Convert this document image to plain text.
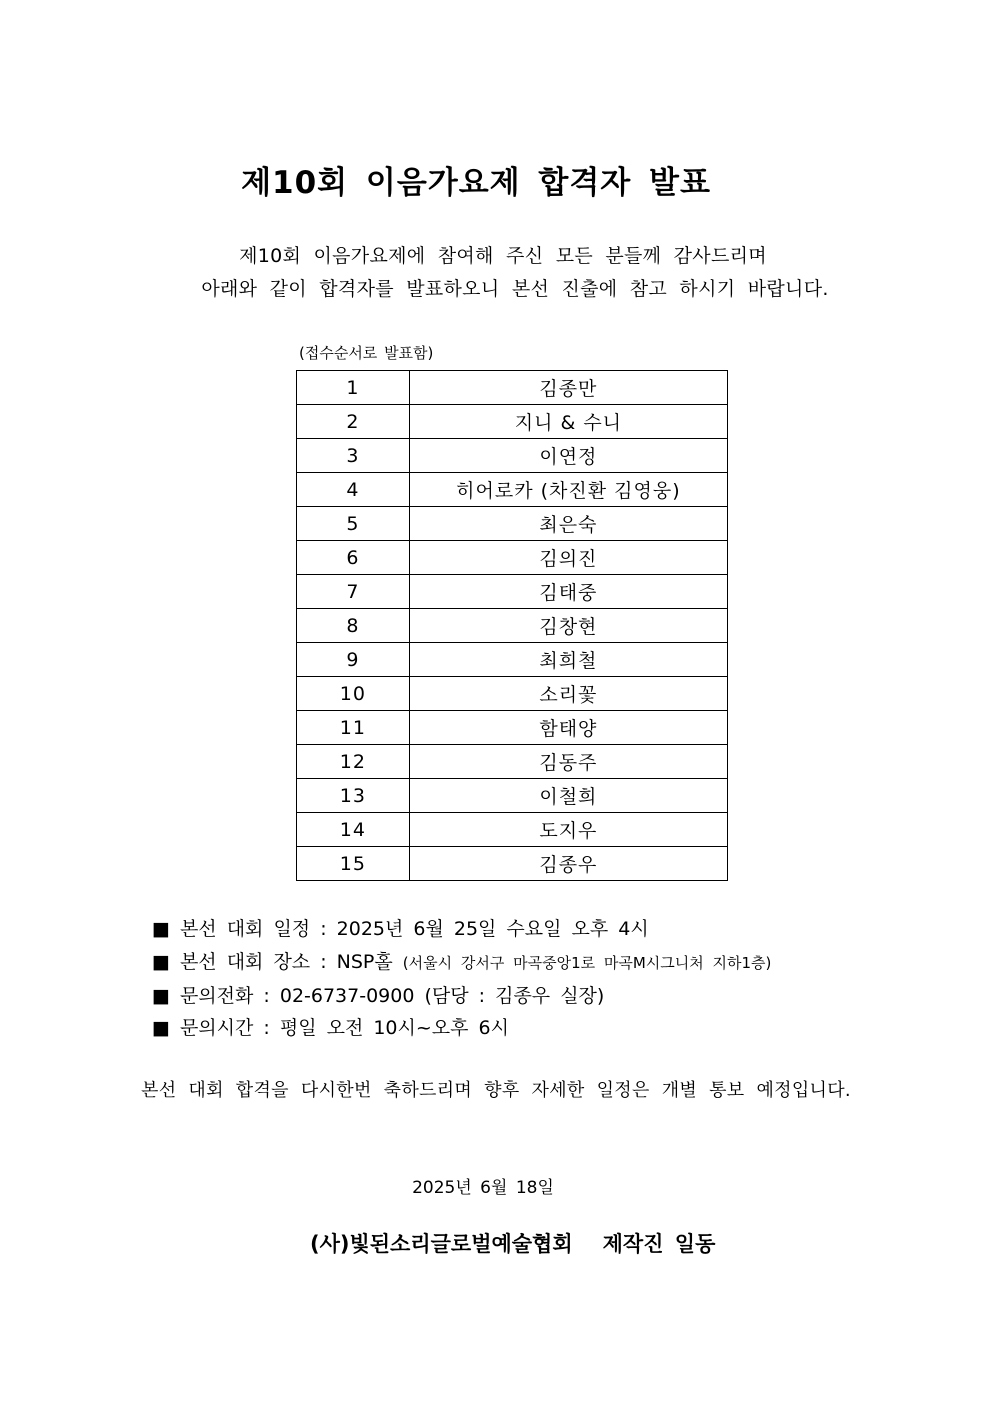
제10회 이음가요제 합격자 발표
제10회 이음가요제에 참여해 주신 모든 분들께 감사드리며
아래와 같이 합격자를 발표하오니 본선 진출에 참고 하시기 바랍니다.
(접수순서로 발표함)
1	김종만
2	지니 & 수니
3	이연정
4	히어로카 (차진환 김영웅)
5	최은숙
6	김의진
7	김태중
8	김창현
9	최희철
10	소리꽃
11	함태양
12	김동주
13	이철희
14	도지우
15	김종우
■ 본선 대회 일정 : 2025년 6월 25일 수요일 오후 4시
■ 본선 대회 장소 : NSP홀 (서울시 강서구 마곡중앙1로 마곡M시그니처 지하1층)
■ 문의전화 : 02-6737-0900 (담당 : 김종우 실장)
■ 문의시간 : 평일 오전 10시~오후 6시
본선 대회 합격을 다시한번 축하드리며 향후 자세한 일정은 개별 통보 예정입니다.
2025년 6월 18일
(사)빛된소리글로벌예술협회 제작진 일동
